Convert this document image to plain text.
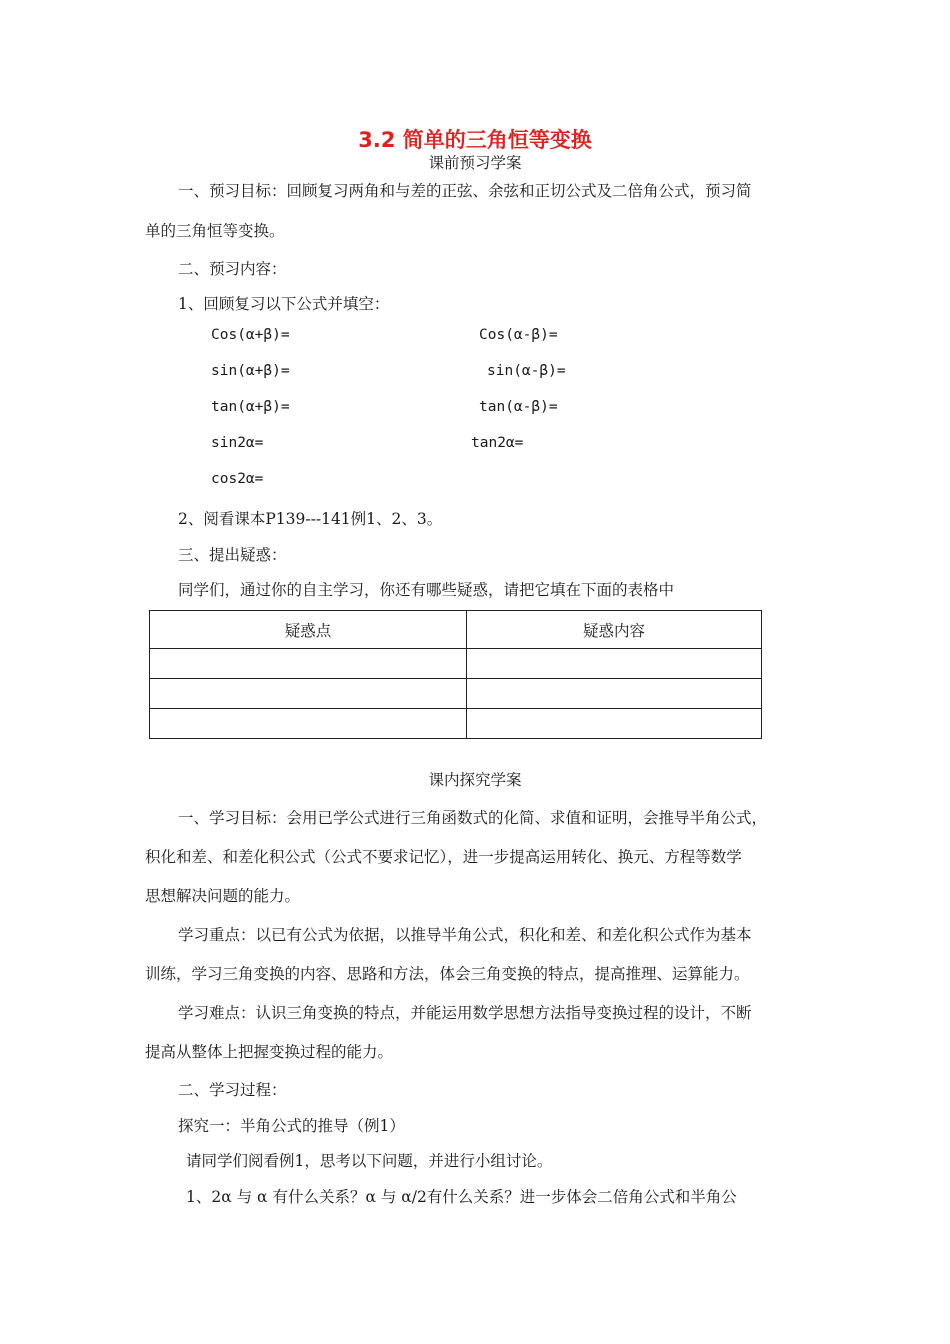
3.2 简单的三角恒等变换
课前预习学案
一、预习目标：回顾复习两角和与差的正弦、余弦和正切公式及二倍角公式，预习简
单的三角恒等变换。
二、预习内容：
1、回顾复习以下公式并填空：
Cos(α+β)=	Cos(α-β)=
sin(α+β)=	sin(α-β)=
tan(α+β)=	tan(α-β)=
sin2α=	tan2α=
cos2α=
2、阅看课本P139---141例1、2、3。
三、提出疑惑：
同学们，通过你的自主学习，你还有哪些疑惑，请把它填在下面的表格中
疑惑点	疑惑内容

课内探究学案
一、学习目标：会用已学公式进行三角函数式的化简、求值和证明，会推导半角公式，
积化和差、和差化积公式（公式不要求记忆），进一步提高运用转化、换元、方程等数学
思想解决问题的能力。
学习重点：以已有公式为依据，以推导半角公式，积化和差、和差化积公式作为基本
训练，学习三角变换的内容、思路和方法，体会三角变换的特点，提高推理、运算能力。
学习难点：认识三角变换的特点，并能运用数学思想方法指导变换过程的设计，不断
提高从整体上把握变换过程的能力。
二、学习过程：
探究一：半角公式的推导（例1）
请同学们阅看例1，思考以下问题，并进行小组讨论。
1、2α 与 α 有什么关系？α 与 α/2有什么关系？进一步体会二倍角公式和半角公
